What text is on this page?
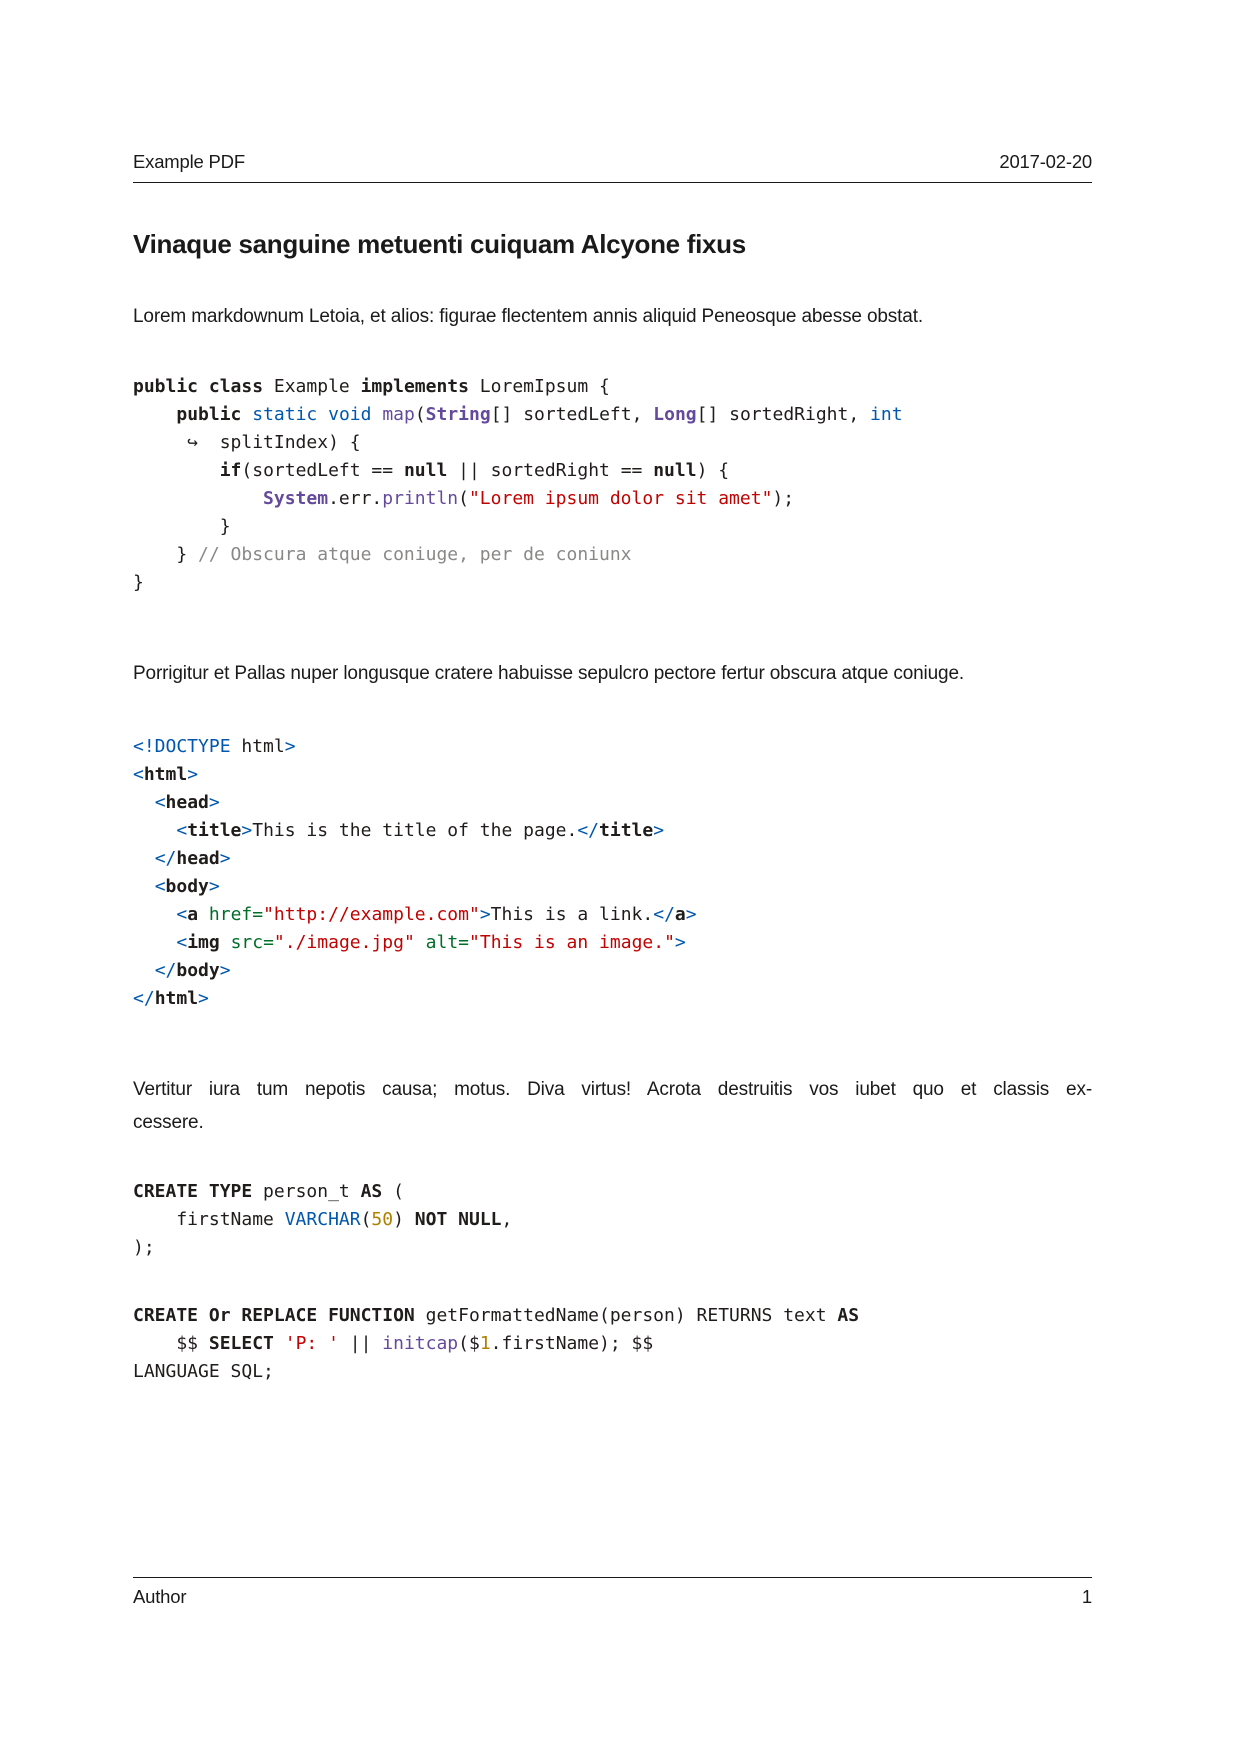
Example PDF	2017-02-20
Vinaque sanguine metuenti cuiquam Alcyone fixus

Lorem markdownum Letoia, et alios: figurae flectentem annis aliquid Peneosque abesse obstat.

public class Example implements LoremIpsum {
public static void map(String[] sortedLeft, Long[] sortedRight, int
↪  splitIndex) {
if(sortedLeft == null || sortedRight == null) {
System.err.println("Lorem ipsum dolor sit amet");
}
} // Obscura atque coniuge, per de coniunx
}

Porrigitur et Pallas nuper longusque cratere habuisse sepulcro pectore fertur obscura atque coniuge.

<!DOCTYPE html>
<html>
<head>
<title>This is the title of the page.</title>
</head>
<body>
<a href="http://example.com">This is a link.</a>
<img src="./image.jpg" alt="This is an image.">
</body>
</html>
Vertitur iura tum nepotis causa; motus. Diva virtus! Acrota destruitis vos iubet quo et classis ex-
cessere.
CREATE TYPE person_t AS (
firstName VARCHAR(50) NOT NULL,
);
CREATE Or REPLACE FUNCTION getFormattedName(person) RETURNS text AS
$$ SELECT 'P: ' || initcap($1.firstName); $$
LANGUAGE SQL;
Author	1
